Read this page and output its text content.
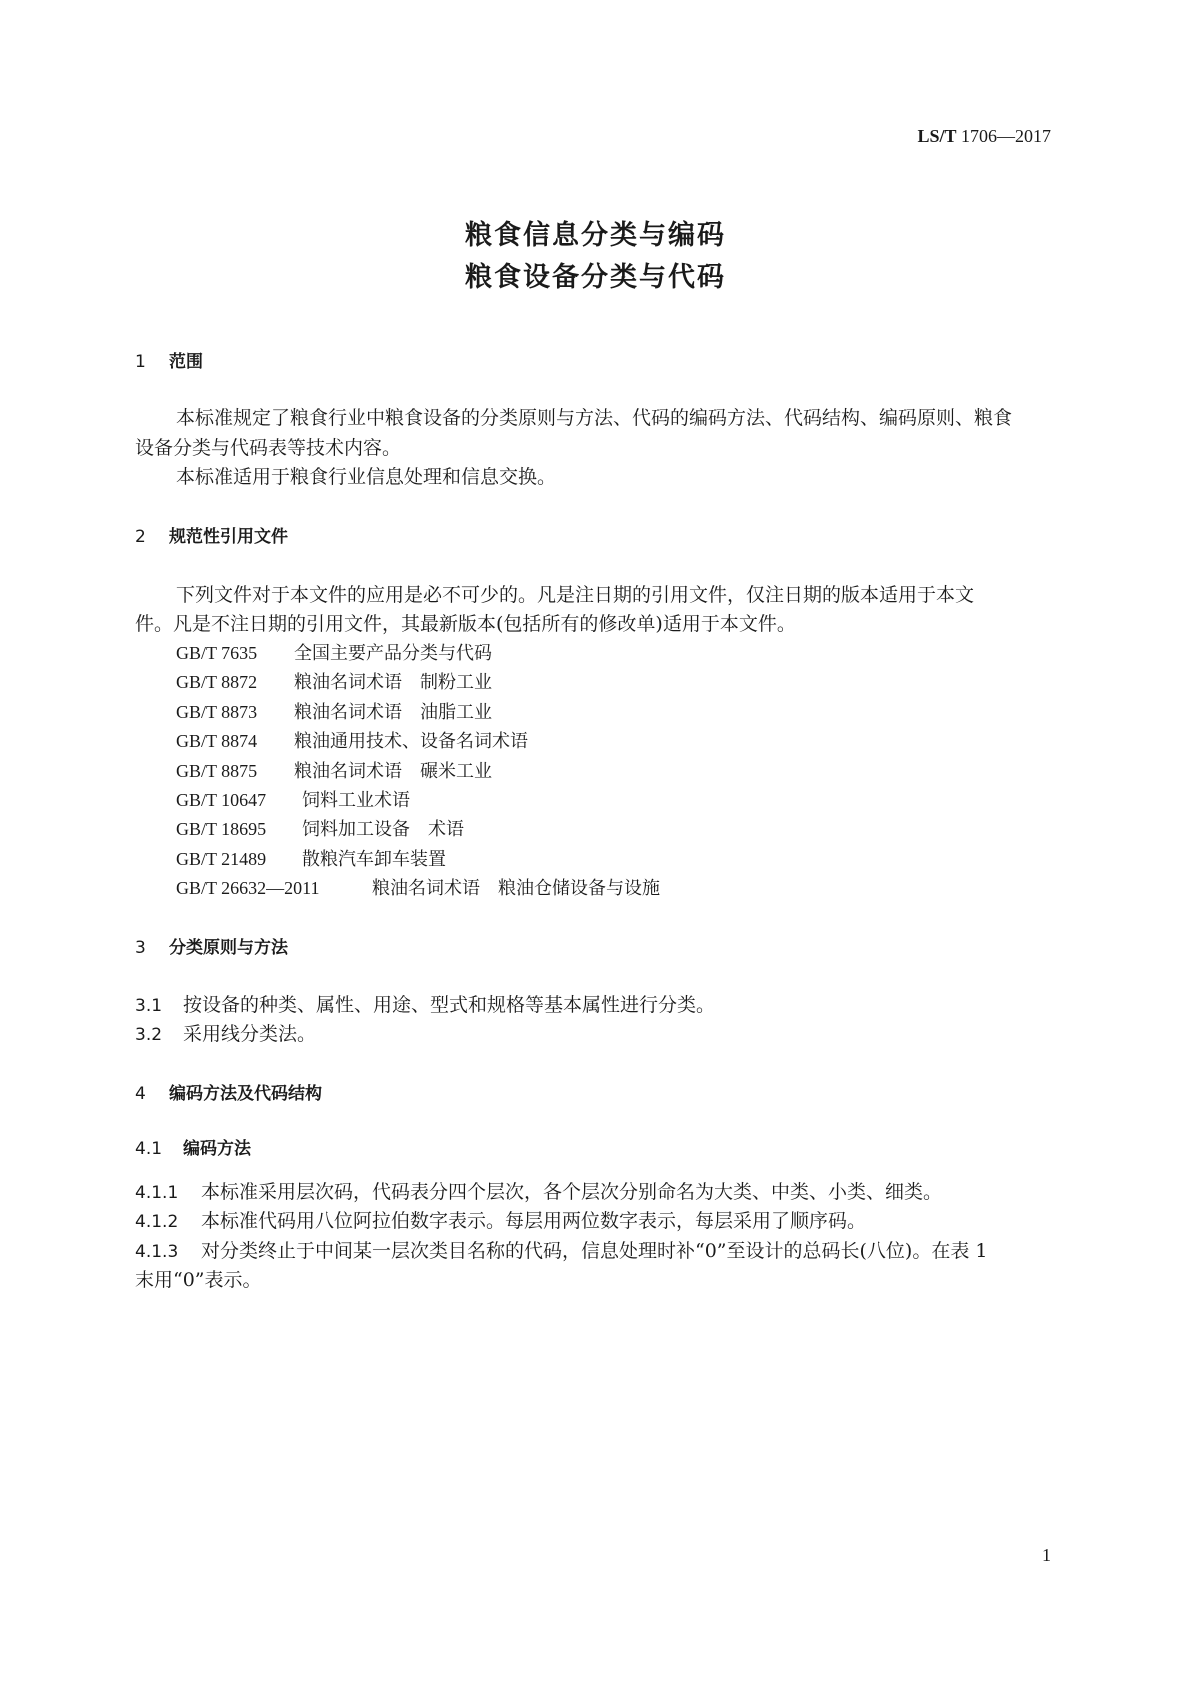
LS/T 1706—2017
粮食信息分类与编码
粮食设备分类与代码
1 范围
本标准规定了粮食行业中粮食设备的分类原则与方法、代码的编码方法、代码结构、编码原则、粮食
设备分类与代码表等技术内容。
本标准适用于粮食行业信息处理和信息交换。
2 规范性引用文件
下列文件对于本文件的应用是必不可少的。凡是注日期的引用文件，仅注日期的版本适用于本文
件。凡是不注日期的引用文件，其最新版本(包括所有的修改单)适用于本文件。
GB/T 7635 全国主要产品分类与代码
GB/T 8872 粮油名词术语　制粉工业
GB/T 8873 粮油名词术语　油脂工业
GB/T 8874 粮油通用技术、设备名词术语
GB/T 8875 粮油名词术语　碾米工业
GB/T 10647 饲料工业术语
GB/T 18695 饲料加工设备　术语
GB/T 21489 散粮汽车卸车装置
GB/T 26632—2011	粮油名词术语　粮油仓储设备与设施
3 分类原则与方法
3.1 按设备的种类、属性、用途、型式和规格等基本属性进行分类。
3.2 采用线分类法。
4 编码方法及代码结构
4.1 编码方法
4.1.1 本标准采用层次码，代码表分四个层次，各个层次分别命名为大类、中类、小类、细类。
4.1.2 本标准代码用八位阿拉伯数字表示。每层用两位数字表示，每层采用了顺序码。
4.1.3 对分类终止于中间某一层次类目名称的代码，信息处理时补“0”至设计的总码长(八位)。在表 1
末用“0”表示。
1
